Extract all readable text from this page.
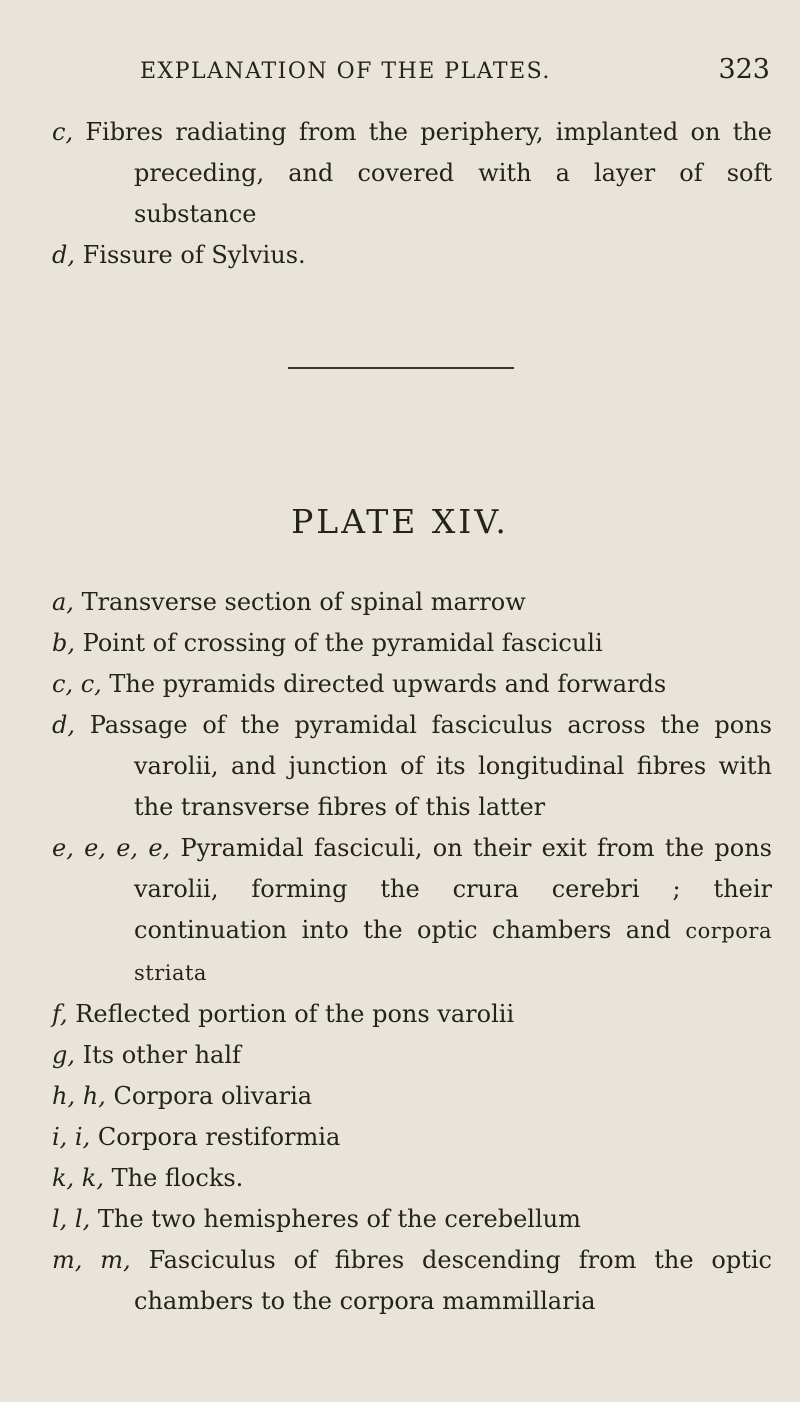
EXPLANATION OF THE PLATES.	323

c, Fibres radiating from the periphery, implanted on the preceding, and covered with a layer of soft substance

d, Fissure of Sylvius.

PLATE XIV.

a, Transverse section of spinal marrow

b, Point of crossing of the pyramidal fasciculi

c, c, The pyramids directed upwards and forwards

d, Passage of the pyramidal fasciculus across the pons varolii, and junction of its longitudinal fibres with the transverse fibres of this latter

e, e, e, e, Pyramidal fasciculi, on their exit from the pons varolii, forming the crura cerebri ; their continuation into the optic chambers and corpora striata

f, Reflected portion of the pons varolii

g, Its other half

h, h, Corpora olivaria

i, i, Corpora restiformia

k, k, The flocks.

l, l, The two hemispheres of the cerebellum

m, m, Fasciculus of fibres descending from the optic chambers to the corpora mammillaria
